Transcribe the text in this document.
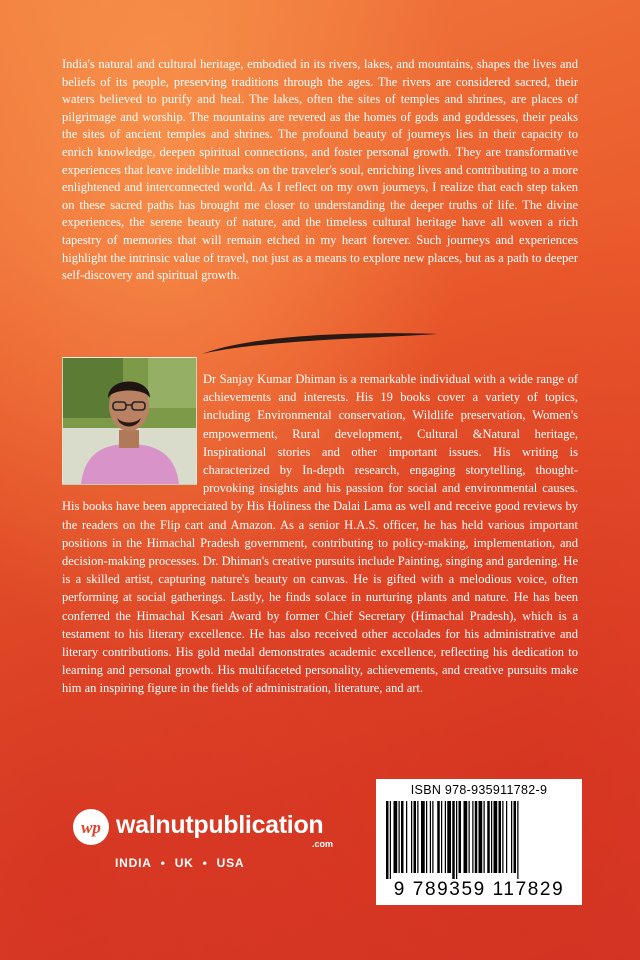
India's natural and cultural heritage, embodied in its rivers, lakes, and mountains, shapes the lives and beliefs of its people, preserving traditions through the ages. The rivers are considered sacred, their waters believed to purify and heal. The lakes, often the sites of temples and shrines, are places of pilgrimage and worship. The mountains are revered as the homes of gods and goddesses, their peaks the sites of ancient temples and shrines. The profound beauty of journeys lies in their capacity to enrich knowledge, deepen spiritual connections, and foster personal growth. They are transformative experiences that leave indelible marks on the traveler's soul, enriching lives and contributing to a more enlightened and interconnected world. As I reflect on my own journeys, I realize that each step taken on these sacred paths has brought me closer to understanding the deeper truths of life. The divine experiences, the serene beauty of nature, and the timeless cultural heritage have all woven a rich tapestry of memories that will remain etched in my heart forever. Such journeys and experiences highlight the intrinsic value of travel, not just as a means to explore new places, but as a path to deeper self-discovery and spiritual growth.

Dr Sanjay Kumar Dhiman is a remarkable individual with a wide range of achievements and interests. His 19 books cover a variety of topics, including Environmental conservation, Wildlife preservation, Women's empowerment, Rural development, Cultural &Natural heritage, Inspirational stories and other important issues. His writing is characterized by In-depth research, engaging storytelling, thought-provoking insights and his passion for social and environmental causes. His books have been appreciated by His Holiness the Dalai Lama as well and receive good reviews by the readers on the Flip cart and Amazon. As a senior H.A.S. officer, he has held various important positions in the Himachal Pradesh government, contributing to policy-making, implementation, and decision-making processes. Dr. Dhiman's creative pursuits include Painting, singing and gardening. He is a skilled artist, capturing nature's beauty on canvas. He is gifted with a melodious voice, often performing at social gatherings. Lastly, he finds solace in nurturing plants and nature. He has been conferred the Himachal Kesari Award by former Chief Secretary (Himachal Pradesh), which is a testament to his literary excellence. He has also received other accolades for his administrative and literary contributions. His gold medal demonstrates academic excellence, reflecting his dedication to learning and personal growth. His multifaceted personality, achievements, and creative pursuits make him an inspiring figure in the fields of administration, literature, and art.
ISBN 978-935911782-9
9 789359 117829
wp walnutpublication
.com
INDIA • UK • USA
